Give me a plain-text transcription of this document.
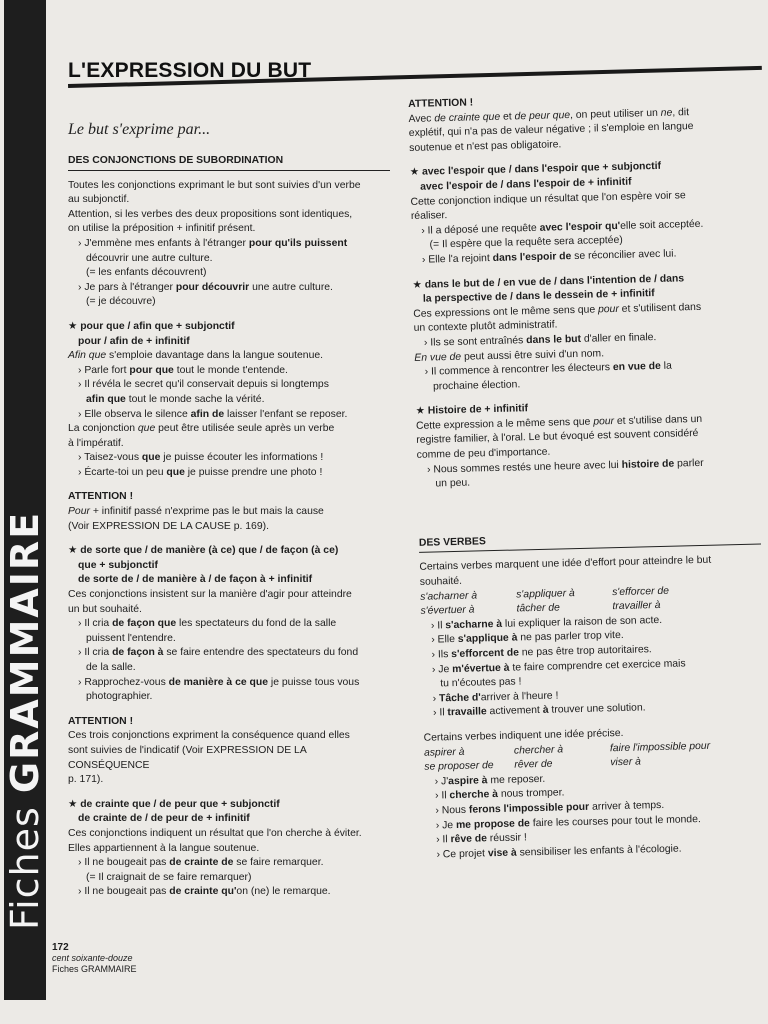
Fiches GRAMMAIRE
L'EXPRESSION DU BUT
Le but s'exprime par...
DES CONJONCTIONS DE SUBORDINATION
Toutes les conjonctions exprimant le but sont suivies d'un verbe
au subjonctif.
Attention, si les verbes des deux propositions sont identiques,
on utilise la préposition + infinitif présent.
› J'emmène mes enfants à l'étranger pour qu'ils puissent
découvrir une autre culture.
(= les enfants découvrent)
› Je pars à l'étranger pour découvrir une autre culture.
(= je découvre)
★ pour que / afin que + subjonctif
pour / afin de + infinitif
Afin que s'emploie davantage dans la langue soutenue.
› Parle fort pour que tout le monde t'entende.
› Il révéla le secret qu'il conservait depuis si longtemps
afin que tout le monde sache la vérité.
› Elle observa le silence afin de laisser l'enfant se reposer.
La conjonction que peut être utilisée seule après un verbe
à l'impératif.
› Taisez-vous que je puisse écouter les informations !
› Écarte-toi un peu que je puisse prendre une photo !
ATTENTION !
Pour + infinitif passé n'exprime pas le but mais la cause
(Voir EXPRESSION DE LA CAUSE p. 169).
★ de sorte que / de manière (à ce) que / de façon (à ce)
que + subjonctif
de sorte de / de manière à / de façon à + infinitif
Ces conjonctions insistent sur la manière d'agir pour atteindre
un but souhaité.
› Il cria de façon que les spectateurs du fond de la salle
puissent l'entendre.
› Il cria de façon à se faire entendre des spectateurs du fond
de la salle.
› Rapprochez-vous de manière à ce que je puisse tous vous
photographier.
ATTENTION !
Ces trois conjonctions expriment la conséquence quand elles
sont suivies de l'indicatif (Voir EXPRESSION DE LA CONSÉQUENCE
p. 171).
★ de crainte que / de peur que + subjonctif
de crainte de / de peur de + infinitif
Ces conjonctions indiquent un résultat que l'on cherche à éviter.
Elles appartiennent à la langue soutenue.
› Il ne bougeait pas de crainte de se faire remarquer.
(= Il craignait de se faire remarquer)
› Il ne bougeait pas de crainte qu'on (ne) le remarque.
ATTENTION !
Avec de crainte que et de peur que, on peut utiliser un ne, dit
explétif, qui n'a pas de valeur négative ; il s'emploie en langue
soutenue et n'est pas obligatoire.
★ avec l'espoir que / dans l'espoir que + subjonctif
avec l'espoir de / dans l'espoir de + infinitif
Cette conjonction indique un résultat que l'on espère voir se
réaliser.
› Il a déposé une requête avec l'espoir qu'elle soit acceptée.
(= Il espère que la requête sera acceptée)
› Elle l'a rejoint dans l'espoir de se réconcilier avec lui.
★ dans le but de / en vue de / dans l'intention de / dans
la perspective de / dans le dessein de + infinitif
Ces expressions ont le même sens que pour et s'utilisent dans
un contexte plutôt administratif.
› Ils se sont entraînés dans le but d'aller en finale.
En vue de peut aussi être suivi d'un nom.
› Il commence à rencontrer les électeurs en vue de la
prochaine élection.
★ Histoire de + infinitif
Cette expression a le même sens que pour et s'utilise dans un
registre familier, à l'oral. Le but évoqué est souvent considéré
comme de peu d'importance.
› Nous sommes restés une heure avec lui histoire de parler
un peu.
DES VERBES
Certains verbes marquent une idée d'effort pour atteindre le but
souhaité.
s'acharner à	s'appliquer à	s'efforcer de
s'évertuer à	tâcher de	travailler à
› Il s'acharne à lui expliquer la raison de son acte.
› Elle s'applique à ne pas parler trop vite.
› Ils s'efforcent de ne pas être trop autoritaires.
› Je m'évertue à te faire comprendre cet exercice mais
tu n'écoutes pas !
› Tâche d'arriver à l'heure !
› Il travaille activement à trouver une solution.
Certains verbes indiquent une idée précise.
aspirer à	chercher à	faire l'impossible pour
se proposer de	rêver de	viser à
› J'aspire à me reposer.
› Il cherche à nous tromper.
› Nous ferons l'impossible pour arriver à temps.
› Je me propose de faire les courses pour tout le monde.
› Il rêve de réussir !
› Ce projet vise à sensibiliser les enfants à l'écologie.
172
cent soixante-douze
Fiches GRAMMAIRE
